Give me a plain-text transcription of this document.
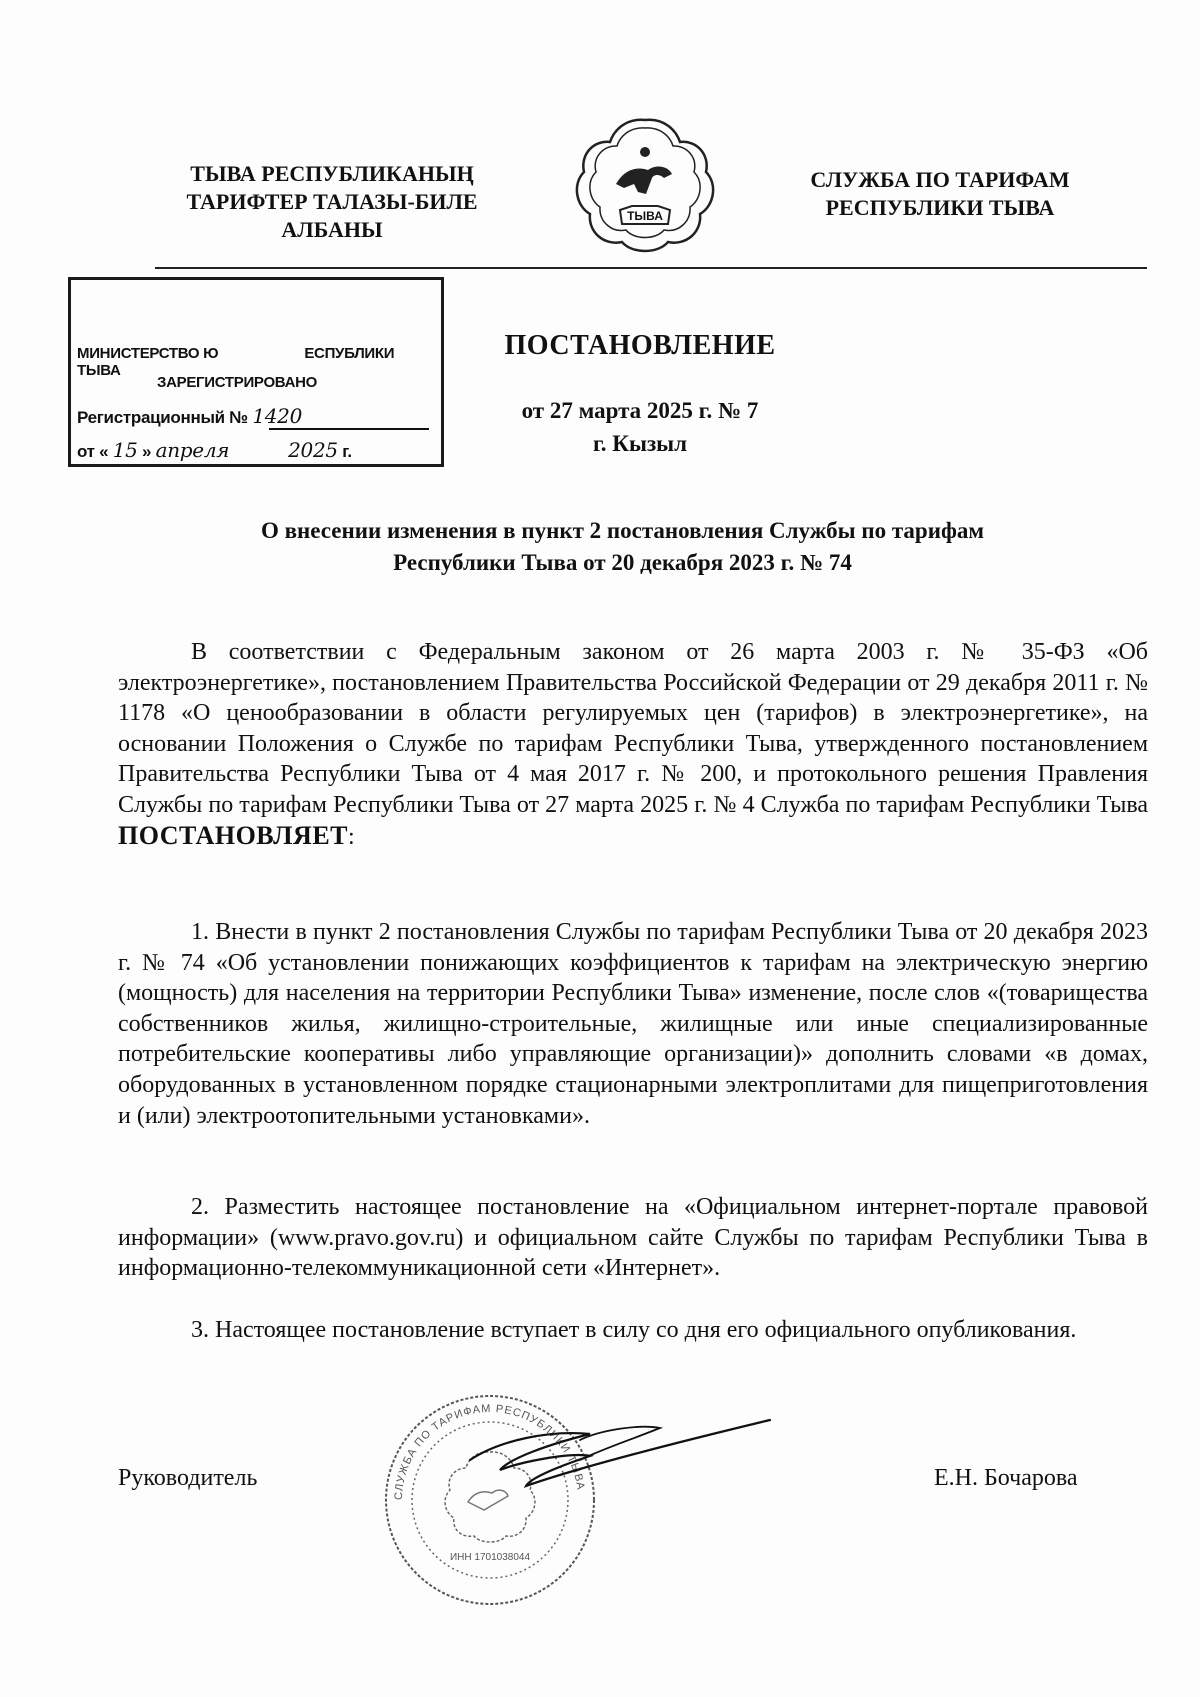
ТЫВА РЕСПУБЛИКАНЫҢ
ТАРИФТЕР ТАЛАЗЫ-БИЛЕ
АЛБАНЫ
ТЫВА
СЛУЖБА ПО ТАРИФАМ
РЕСПУБЛИКИ ТЫВА
МИНИСТЕРСТВО Ю	ЕСПУБЛИКИ ТЫВА
ЗАРЕГИСТРИРОВАНО
Регистрационный № 1420
от « 15 » апреля	2025 г.
ПОСТАНОВЛЕНИЕ
от 27 марта 2025 г. № 7
г. Кызыл
О внесении изменения в пункт 2 постановления Службы по тарифам
Республики Тыва от 20 декабря 2023 г. № 74

В соответствии с Федеральным законом от 26 марта 2003 г. № 35-ФЗ «Об электроэнергетике», постановлением Правительства Российской Федерации от 29 декабря 2011 г. № 1178 «О ценообразовании в области регулируемых цен (тарифов) в электроэнергетике», на основании Положения о Службе по тарифам Республики Тыва, утвержденного постановлением Правительства Республики Тыва от 4 мая 2017 г. № 200, и протокольного решения Правления Службы по тарифам Республики Тыва от 27 марта 2025 г. № 4 Служба по тарифам Республики Тыва ПОСТАНОВЛЯЕТ:

1. Внести в пункт 2 постановления Службы по тарифам Республики Тыва от 20 декабря 2023 г. № 74 «Об установлении понижающих коэффициентов к тарифам на электрическую энергию (мощность) для населения на территории Республики Тыва» изменение, после слов «(товарищества собственников жилья, жилищно-строительные, жилищные или иные специализированные потребительские кооперативы либо управляющие организации)» дополнить словами «в домах, оборудованных в установленном порядке стационарными электроплитами для пищеприготовления и (или) электроотопительными установками».

2. Разместить настоящее постановление на «Официальном интернет-портале правовой информации» (www.pravo.gov.ru) и официальном сайте Службы по тарифам Республики Тыва в информационно-телекоммуникационной сети «Интернет».

3. Настоящее постановление вступает в силу со дня его официального опубликования.

СЛУЖБА ПО ТАРИФАМ РЕСПУБЛИКИ ТЫВА
ИНН 1701038044
Руководитель	Е.Н. Бочарова
